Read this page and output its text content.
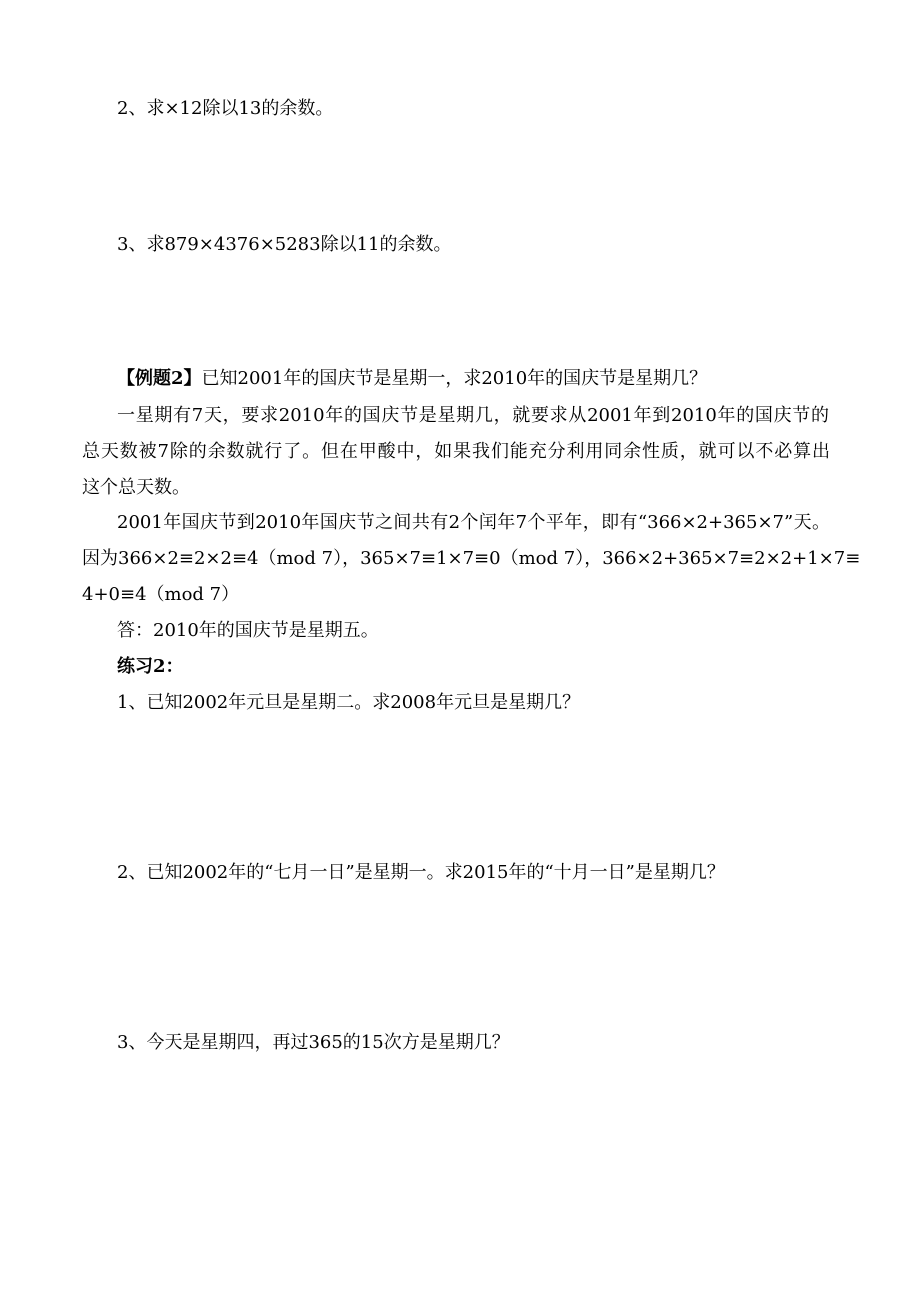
2、求×12除以13的余数。
3、求879×4376×5283除以11的余数。
【例题2】已知2001年的国庆节是星期一，求2010年的国庆节是星期几？
一星期有7天，要求2010年的国庆节是星期几，就要求从2001年到2010年的国庆节的
总天数被7除的余数就行了。但在甲酸中，如果我们能充分利用同余性质，就可以不必算出
这个总天数。
2001年国庆节到2010年国庆节之间共有2个闰年7个平年，即有“366×2+365×7”天。
因为366×2≡2×2≡4（mod 7），365×7≡1×7≡0（mod 7），366×2+365×7≡2×2+1×7≡
4+0≡4（mod 7）
答：2010年的国庆节是星期五。
练习2：
1、已知2002年元旦是星期二。求2008年元旦是星期几？
2、已知2002年的“七月一日”是星期一。求2015年的“十月一日”是星期几？
3、今天是星期四，再过365的15次方是星期几？
